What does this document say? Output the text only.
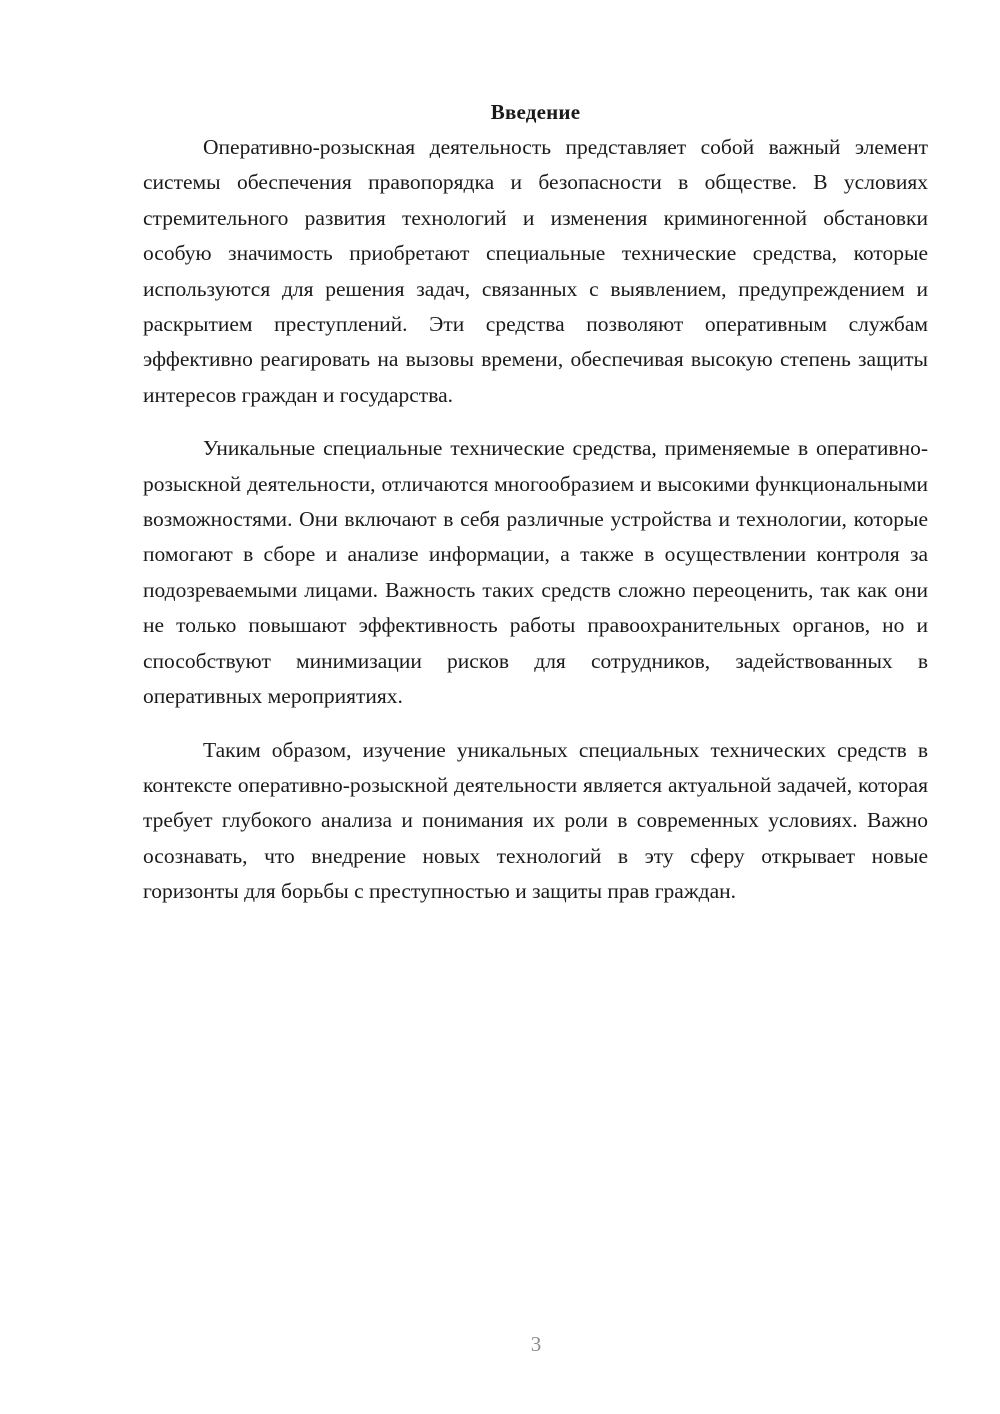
Введение

Оперативно-розыскная деятельность представляет собой важный элемент системы обеспечения правопорядка и безопасности в обществе. В условиях стремительного развития технологий и изменения криминогенной обстановки особую значимость приобретают специальные технические средства, которые используются для решения задач, связанных с выявлением, предупреждением и раскрытием преступлений. Эти средства позволяют оперативным службам эффективно реагировать на вызовы времени, обеспечивая высокую степень защиты интересов граждан и государства.

Уникальные специальные технические средства, применяемые в оперативно-розыскной деятельности, отличаются многообразием и высокими функциональными возможностями. Они включают в себя различные устройства и технологии, которые помогают в сборе и анализе информации, а также в осуществлении контроля за подозреваемыми лицами. Важность таких средств сложно переоценить, так как они не только повышают эффективность работы правоохранительных органов, но и способствуют минимизации рисков для сотрудников, задействованных в оперативных мероприятиях.

Таким образом, изучение уникальных специальных технических средств в контексте оперативно-розыскной деятельности является актуальной задачей, которая требует глубокого анализа и понимания их роли в современных условиях. Важно осознавать, что внедрение новых технологий в эту сферу открывает новые горизонты для борьбы с преступностью и защиты прав граждан.

3
